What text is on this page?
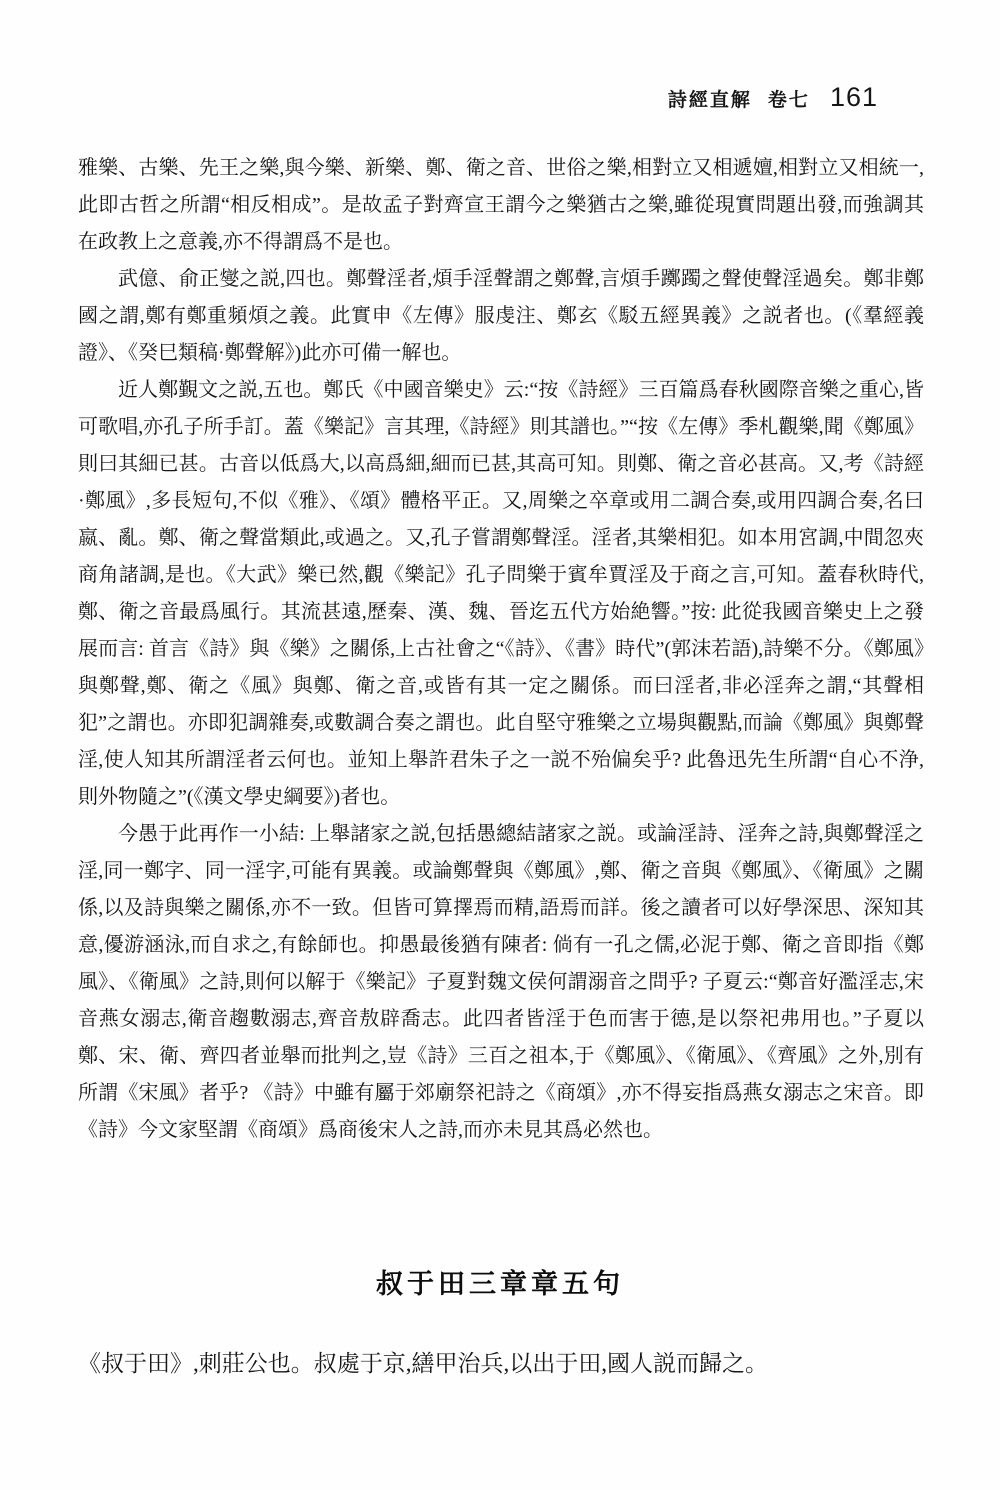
詩經直解 卷七 161

雅樂、古樂、先王之樂,與今樂、新樂、鄭、衛之音、世俗之樂,相對立又相遞嬗,相對立又相統一,此即古哲之所謂“相反相成”。是故孟子對齊宣王謂今之樂猶古之樂,雖從現實問題出發,而強調其在政教上之意義,亦不得謂爲不是也。

武億、俞正燮之説,四也。鄭聲淫者,煩手淫聲謂之鄭聲,言煩手躑躅之聲使聲淫過矣。鄭非鄭國之謂,鄭有鄭重頻煩之義。此實申《左傳》服虔注、鄭玄《駁五經異義》之説者也。(《羣經義證》、《癸巳類稿·鄭聲解》)此亦可備一解也。

近人鄭覲文之説,五也。鄭氏《中國音樂史》云:“按《詩經》三百篇爲春秋國際音樂之重心,皆可歌唱,亦孔子所手訂。蓋《樂記》言其理,《詩經》則其譜也。”“按《左傳》季札觀樂,聞《鄭風》則曰其細已甚。古音以低爲大,以高爲細,細而已甚,其高可知。則鄭、衛之音必甚高。又,考《詩經·鄭風》,多長短句,不似《雅》、《頌》體格平正。又,周樂之卒章或用二調合奏,或用四調合奏,名曰嬴、亂。鄭、衛之聲當類此,或過之。又,孔子嘗謂鄭聲淫。淫者,其樂相犯。如本用宮調,中間忽夾商角諸調,是也。《大武》樂已然,觀《樂記》孔子問樂于賓牟賈淫及于商之言,可知。蓋春秋時代,鄭、衛之音最爲風行。其流甚遠,歷秦、漢、魏、晉迄五代方始絶響。”按: 此從我國音樂史上之發展而言: 首言《詩》與《樂》之關係,上古社會之“《詩》、《書》時代”(郭沫若語),詩樂不分。《鄭風》與鄭聲,鄭、衛之《風》與鄭、衛之音,或皆有其一定之關係。而曰淫者,非必淫奔之謂,“其聲相犯”之謂也。亦即犯調雜奏,或數調合奏之謂也。此自堅守雅樂之立場與觀點,而論《鄭風》與鄭聲淫,使人知其所謂淫者云何也。並知上舉許君朱子之一説不殆偏矣乎? 此魯迅先生所謂“自心不浄,則外物隨之”(《漢文學史綱要》)者也。

今愚于此再作一小結: 上舉諸家之説,包括愚總結諸家之説。或論淫詩、淫奔之詩,與鄭聲淫之淫,同一鄭字、同一淫字,可能有異義。或論鄭聲與《鄭風》,鄭、衛之音與《鄭風》、《衛風》之關係,以及詩與樂之關係,亦不一致。但皆可算擇焉而精,語焉而詳。後之讀者可以好學深思、深知其意,優游涵泳,而自求之,有餘師也。抑愚最後猶有陳者: 倘有一孔之儒,必泥于鄭、衛之音即指《鄭風》、《衛風》之詩,則何以解于《樂記》子夏對魏文侯何謂溺音之問乎? 子夏云:“鄭音好濫淫志,宋音燕女溺志,衛音趨數溺志,齊音敖辟喬志。此四者皆淫于色而害于德,是以祭祀弗用也。”子夏以鄭、宋、衛、齊四者並舉而批判之,豈《詩》三百之祖本,于《鄭風》、《衛風》、《齊風》之外,別有所謂《宋風》者乎? 《詩》中雖有屬于郊廟祭祀詩之《商頌》,亦不得妄指爲燕女溺志之宋音。即《詩》今文家堅謂《商頌》爲商後宋人之詩,而亦未見其爲必然也。

叔于田三章章五句

《叔于田》,刺莊公也。叔處于京,繕甲治兵,以出于田,國人説而歸之。
